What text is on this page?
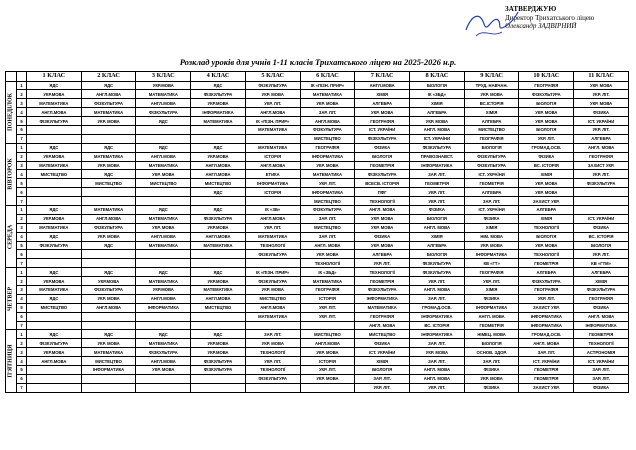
ЗАТВЕРДЖУЮ
Директор Трихатського ліцею
Олександр ЗАДВІРНИЙ
Розклад уроків для учнів 1-11 класів Трихатського ліцею на 2025-2026 н.р.
		1 КЛАС	2 КЛАС	3 КЛАС	4 КЛАС	5 КЛАС	6 КЛАС	7 КЛАС	8 КЛАС	9 КЛАС	10 КЛАС	11 КЛАС

ПОНЕДІЛОК	1	ЯДС	ЯДС	УКР.МОВА	ЯДС	ФІЗКУЛЬТУРА	ІК «ПІЗН. ПРИР»	АНГЛ.МОВА	БІОЛОГІЯ	ТРУД. НАВЧАН.	ГЕОГРАФІЯ	УКР. МОВА
	2	УКР.МОВА	АНГЛ.МОВА	МАТЕМАТИКА	ФІЗКУЛЬТУРА	УКР. МОВА	МАТЕМАТИКА	ХІМІЯ	ІК «ЗБД»	УКР. МОВА	ФІЗКУЛЬТУРА	УКР. ЛІТ.
	3	МАТЕМАТИКА	ФІЗКУЛЬТУРА	АНГЛ.МОВА	УКР.МОВА	УКР. ЛІТ.	УКР. МОВА	АЛГЕБРА	ХІМІЯ	ВС.ІСТОРІЯ	БІОЛОГІЯ	УКР. МОВА
	4	АНГЛ.МОВА	МАТЕМАТИКА	ФІЗКУЛЬТУРА	ІНФОРМАТИКА	АНГЛ.МОВА	ЗАР. ЛІТ.	УКР. МОВА	АЛГЕБРА	ХІМІЯ	УКР. МОВА	ФІЗИКА
	5	ФІЗКУЛЬТУРА	УКР. МОВА	ЯДС	МАТЕМАТИКА	ІК «ПІЗН. ПРИР»	АНГЛ.МОВА	ГЕОГРАФІЯ	УКР. МОВА	АЛГЕБРА	УКР. МОВА	ІСТ. УКРАЇНИ
	6					МАТЕМАТИКА	ФІЗКУЛЬТУРА	ІСТ. УКРАЇНИ	АНГЛ. МОВА	МИСТЕЦТВО	БІОЛОГІЯ	УКР. ЛІТ.
	7						МИСТЕЦТВО	ФІЗКУЛЬТУРА	ІСТ. УКРАЇНИ	ГЕОГРАФІЯ	УКР. ЛІТ.	АЛГЕБРА

ВІВТОРОК	1	ЯДС	ЯДС	ЯДС	ЯДС	МАТЕМАТИКА	ГЕОГРАФІЯ	ФІЗИКА	ФІЗКУЛЬТУРА	БІОЛОГІЯ	ГРОМАД.ОСВ.	АНГЛ. МОВА
	2	УКР.МОВА	МАТЕМАТИКА	АНГЛ.МОВА	УКР.МОВА	ІСТОРІЯ	ІНФОРМАТИКА	БІОЛОГІЯ	ПРАВОЗНАВСТ.	ФІЗКУЛЬТУРА	ФІЗИКА	ГЕОГРАФІЯ
	3	МАТЕМАТИКА	УКР. МОВА	МАТЕМАТИКА	АНГЛ.МОВА	АНГЛ.МОВА	УКР. МОВА	ГЕОМЕТРІЯ	ІНФОРМАТИКА	ФІЗКУЛЬТУРА	ВС. ІСТОРІЯ	ЗАХИСТ УКР.
	4	МИСТЕЦТВО	ЯДС	УКР. МОВА	АНГЛ.МОВА	ЕТИКА	МАТЕМАТИКА	ФІЗКУЛЬТУРА	ЗАР. ЛІТ.	ІСТ. УКРАЇНИ	ХІМІЯ	УКР. ЛІТ.
	5		МИСТЕЦТВО	МИСТЕЦТВО	МИСТЕЦТВО	ІНФОРМАТИКА	УКР. ЛІТ.	ВСЕСВ. ІСТОРІЯ	ГЕОМЕТРІЯ	ГЕОМЕТРІЯ	УКР. МОВА	ФІЗКУЛЬТУРА
	6				ЯДС	ІСТОРІЯ	ІНФОРМАТИКА	ПФГ	УКР. ЛІТ.	АЛГЕБРА	УКР. МОВА	
	7						МИСТЕЦТВО	ТЕХНОЛОГІЇ	УКР. ЛІТ.	ЗАР. ЛІТ.	ЗАХИСТ УКР.	

СЕРЕДА	1	ЯДС	МАТЕМАТИКА	ЯДС	ЯДС	ІК «ЗБ»	ФІЗКУЛЬТУРА	АНГЛ. МОВА	ФІЗИКА	ІСТ. УКРАЇНИ	АЛГЕБРА	
	2	УКР.МОВА	АНГЛ.МОВА	МАТЕМАТИКА	ФІЗКУЛЬТУРА	АНГЛ.МОВА	ЗАР. ЛІТ.	УКР. МОВА	БІОЛОГІЯ	ФІЗИКА	ХІМІЯ	ІСТ. УКРАЇНИ
	3	МАТЕМАТИКА	ФІЗКУЛЬТУРА	УКР. МОВА	УКР.МОВА	УКР. ЛІТ.	МИСТЕЦТВО	УКР. МОВА	АНГЛ. МОВА	ХІМІЯ	ТЕХНОЛОГІЇ	ФІЗИКА
	4	ЯДС	УКР. МОВА	АНГЛ.МОВА	АНГЛ.МОВА	МАТЕМАТИКА	ЗАР. ЛІТ.	ФІЗИКА	ХІМІЯ	НІМ. МОВА	БІОЛОГІЯ	ВС. ІСТОРІЯ
	5	ФІЗКУЛЬТУРА	ЯДС	МАТЕМАТИКА	МАТЕМАТИКА	ТЕХНОЛОГІЇ	АНГЛ. МОВА	УКР. МОВА	АЛГЕБРА	УКР. МОВА	УКР. МОВА	БІОЛОГІЯ
	6					ФІЗКУЛЬТУРА	УКР. МОВА	АЛГЕБРА	БІОЛОГІЯ	ІНФОРМАТИКА	ТЕХНОЛОГІЇ	УКР. ЛІТ.
	7						ТЕХНОЛОГІЇ	УКР. ЛІТ.	ФІЗКУЛЬТУРА	КВ «ГТ»	ГЕОМЕТРІЯ	КВ «ГТМ»

ЧЕТВЕР	1	ЯДС	ЯДС	ЯДС	ЯДС	ІК «ПІЗН. ПРИР»	ІК «ЗБД»	ТЕХНОЛОГІЇ	ФІЗКУЛЬТУРА	ГЕОГРАФІЯ	АЛГЕБРА	АЛГЕБРА
	2	УКР.МОВА	УКР.МОВА	МАТЕМАТИКА	УКР.МОВА	ФІЗКУЛЬТУРА	МАТЕМАТИКА	ГЕОМЕТРІЯ	УКР. ЛІТ.	УКР. ЛІТ.	ФІЗКУЛЬТУРА	ХІМІЯ
	3	МАТЕМАТИКА	ФІЗКУЛЬТУРА	УКР.МОВА	МАТЕМАТИКА	УКР. МОВА	ГЕОГРАФІЯ	ФІЗКУЛЬТУРА	АНГЛ. МОВА	ХІМІЯ	ГЕОГРАФІЯ	ФІЗКУЛЬТУРА
	4	ЯДС	УКР. МОВА	АНГЛ.МОВА	АНГЛ.МОВА	МИСТЕЦТВО	ІСТОРІЯ	ІНФОРМАТИКА	ЗАР. ЛІТ.	ФІЗИКА	УКР. ЛІТ.	ГЕОГРАФІЯ
	5	МИСТЕЦТВО	АНГЛ.МОВА	ІНФОРМАТИКА	МИСТЕЦТВО	АНГЛ.МОВА	УКР. ЛІТ.	МАТЕМАТИКА	ГРОМАД.ОСВ.	ІНФОРМАТИКА	ЗАХИСТ УКР.	ФІЗИКА
	6					МАТЕМАТИКА	УКР. ЛІТ.	ГЕОГРАФІЯ	ІНФОРМАТИКА	АНГЛ. МОВА	ІНФОРМАТИКА	АНГЛ. МОВА
	7							АНГЛ. МОВА	ВС. ІСТОРІЯ	ГЕОМЕТРІЯ	ІНФОРМАТИКА	ІНФОРМАТИКА

П'ЯТНИЦЯ	1	ЯДС	ЯДС	ЯДС	ЯДС	ЗАР. ЛІТ.	МИСТЕЦТВО	МИСТЕЦТВО	ІНФОРМАТИКА	НІМЕЦ. МОВА	ГРОМАД.ОСВ.	ГЕОМЕТРІЯ
	2	ФІЗКУЛЬТУРА	УКР. МОВА	МАТЕМАТИКА	УКР.МОВА	УКР. МОВА	АНГЛ.МОВА	ФІЗИКА	ЗАР. ЛІТ.	БІОЛОГІЯ	АНГЛ. МОВА	ТЕХНОЛОГІЇ
	3	УКР.МОВА	МАТЕМАТИКА	ФІЗКУЛЬТУРА	УКР.МОВА	ТЕХНОЛОГІЇ	УКР. МОВА	ІСТ. УКРАЇНИ	УКР. МОВА	ОСНОВ. ЗДОР.	ЗАР. ЛІТ.	АСТРОНОМІЯ
	4	АНГЛ.МОВА	МИСТЕЦТВО	АНГЛ.МОВА	ФІЗКУЛЬТУРА	УКР. ЛІТ.	ІСТОРІЯ	ХІМІЯ	ЗАР. ЛІТ.	ЗАР. ЛІТ.	ІСТ. УКРАЇНИ	ІСТ. УКРАЇНИ
	5		ІНФОРМАТИКА	УКР. МОВА	ФІЗКУЛЬТУРА	ТЕХНОЛОГІЇ	УКР. ЛІТ.	БІОЛОГІЯ	АНГЛ. МОВА	ФІЗИКА	ГЕОМЕТРІЯ	ЗАР. ЛІТ.
	6					ФІЗКУЛЬТУРА	УКР. МОВА	ЗАР. ЛІТ.	АНГЛ. МОВА	УКР. МОВА	ГЕОМЕТРІЯ	ЗАР. ЛІТ.
	7							УКР. ЛІТ.	УКР. ЛІТ.	ФІЗИКА	ЗАХИСТ УКР.	ФІЗИКА
